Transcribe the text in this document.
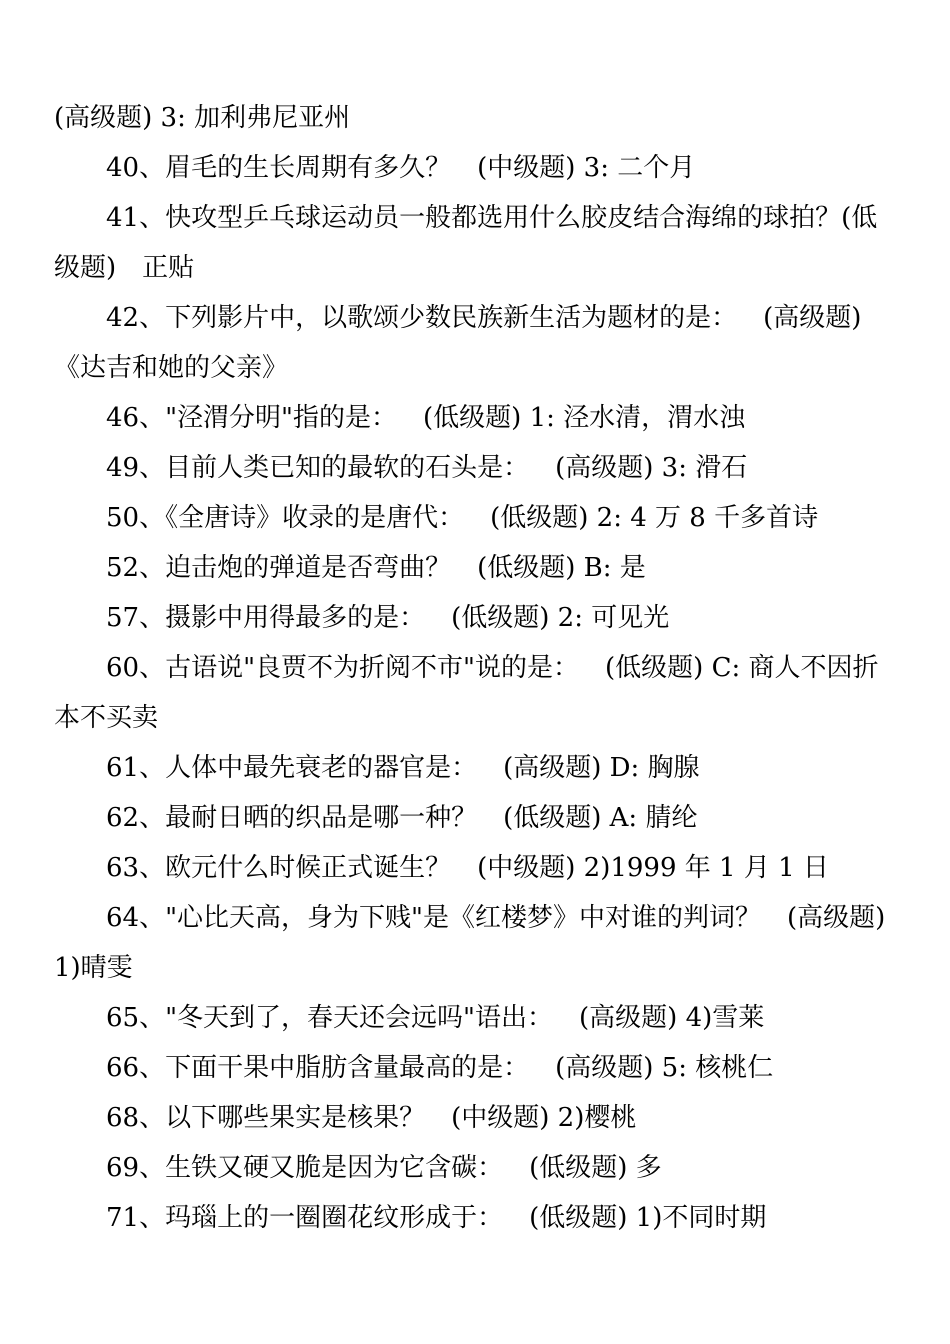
(高级题) 3: 加利弗尼亚州

40、眉毛的生长周期有多久？ (中级题) 3: 二个月

41、快攻型乒乓球运动员一般都选用什么胶皮结合海绵的球拍？(低级题)　正贴

42、下列影片中，以歌颂少数民族新生活为题材的是： (高级题)《达吉和她的父亲》

46、"泾渭分明"指的是： (低级题) 1: 泾水清，渭水浊

49、目前人类已知的最软的石头是： (高级题) 3: 滑石

50、《全唐诗》收录的是唐代： (低级题) 2: 4 万 8 千多首诗

52、迫击炮的弹道是否弯曲？ (低级题) B: 是

57、摄影中用得最多的是： (低级题) 2: 可见光

60、古语说"良贾不为折阅不市"说的是： (低级题) C: 商人不因折本不买卖

61、人体中最先衰老的器官是： (高级题) D: 胸腺

62、最耐日晒的织品是哪一种？ (低级题) A: 腈纶

63、欧元什么时候正式诞生？ (中级题) 2)1999 年 1 月 1 日

64、"心比天高，身为下贱"是《红楼梦》中对谁的判词？ (高级题) 1)晴雯

65、"冬天到了，春天还会远吗"语出： (高级题) 4)雪莱

66、下面干果中脂肪含量最高的是： (高级题) 5: 核桃仁

68、以下哪些果实是核果？ (中级题) 2)樱桃

69、生铁又硬又脆是因为它含碳： (低级题) 多

71、玛瑙上的一圈圈花纹形成于： (低级题) 1)不同时期
